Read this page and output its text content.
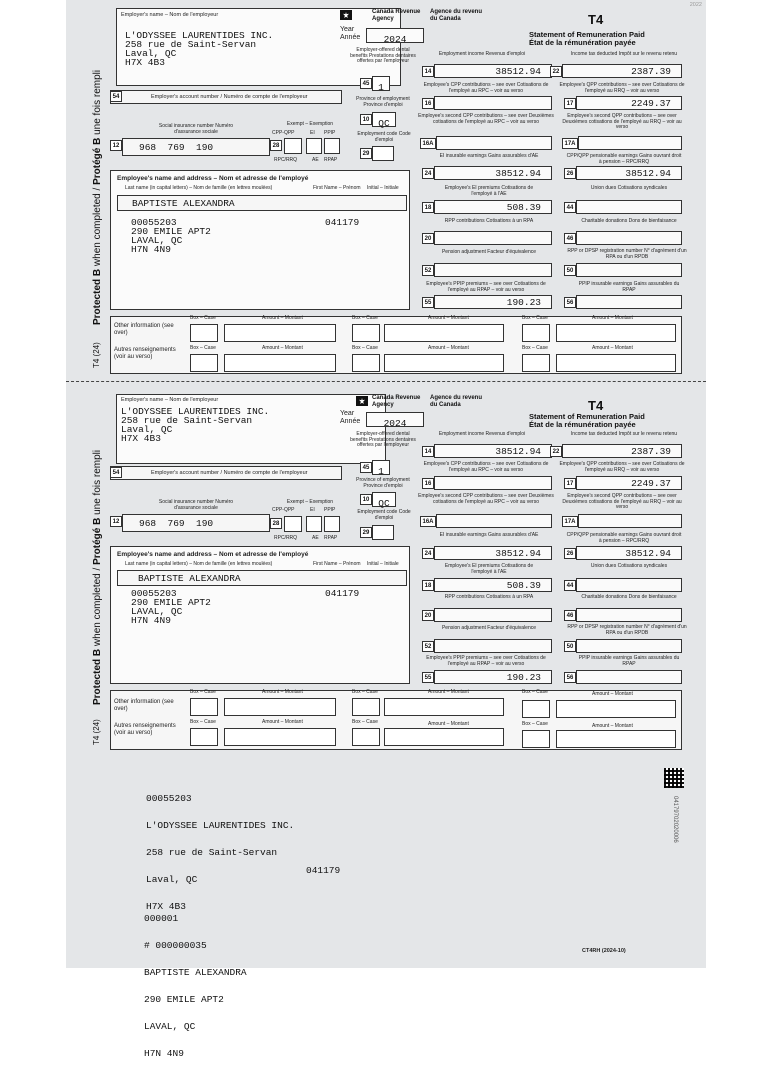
2022
Protected B when completed / Protégé B une fois rempli
T4 (24)
Protected B when completed / Protégé B une fois rempli
T4 (24)
Employer's name – Nom de l'employeur
L'ODYSSEE LAURENTIDES INC.
258 rue de Saint-Servan
Laval, QC
H7X 4B3
Canada Revenue Agency
Agence du revenu du Canada	T4
Statement of Remuneration Paid
État de la rémunération payée
Year
Année	2024
Employer-offered dental benefits Prestations dentaires offertes par l'employeur
45 1
Province of employment Province d'emploi
10 QC
Employment code Code d'emploi
29
Employer's account number / Numéro de compte de l'employeur
54
Social insurance number Numéro d'assurance sociale
12 968  769  190
Exempt – Exemption
CPP-QPP	EI PPIP
28
RPC/RRQ	AE RPAP
Employee's name and address – Nom et adresse de l'employé
Last name (in capital letters) – Nom de famille (en lettres moulées)	First Name – Prénom Initial – Initiale
BAPTISTE ALEXANDRA
00055203
290 EMILE APT2
LAVAL, QC
H7N 4N9
041179
Employment income Revenus d'emploi
14	38512.94
Employee's CPP contributions – see over Cotisations de l'employé au RPC – voir au verso
16
Employee's second CPP contributions – see over Deuxièmes cotisations de l'employé au RPC – voir au verso
16A
EI insurable earnings Gains assurables d'AE
24	38512.94
Employee's EI premiums Cotisations de l'employé à l'AE
18	508.39
RPP contributions Cotisations à un RPA
20
Pension adjustment Facteur d'équivalence
52
Employee's PPIP premiums – see over Cotisations de l'employé au RPAP – voir au verso
55	190.23
Income tax deducted Impôt sur le revenu retenu
22	2387.39
Employee's QPP contributions – see over Cotisations de l'employé au RRQ – voir au verso
17	2249.37
Employee's second QPP contributions – see over Deuxièmes cotisations de l'employé au RRQ – voir au verso
17A
CPP/QPP pensionable earnings Gains ouvrant droit à pension – RPC/RRQ
26	38512.94
Union dues Cotisations syndicales
44
Charitable donations Dons de bienfaisance
46
RPP or DPSP registration number N° d'agrément d'un RPA ou d'un RPDB
50
PPIP insurable earnings Gains assurables du RPAP
56
Other information (see over)
Autres renseignements (voir au verso)
Box – Case	Amount – Montant	Box – Case	Amount – Montant	Box – Case	Amount – Montant
Box – Case	Amount – Montant	Box – Case	Amount – Montant	Box – Case	Amount – Montant
Employer's name – Nom de l'employeur
L'ODYSSEE LAURENTIDES INC.
258 rue de Saint-Servan
Laval, QC
H7X 4B3
Canada Revenue Agency
Agence du revenu du Canada	T4
Statement of Remuneration Paid
État de la rémunération payée
Year
Année	2024
Employer-offered dental benefits Prestations dentaires offertes par l'employeur
45 1
Province of employment Province d'emploi
10 QC
Employment code Code d'emploi
29
Employer's account number / Numéro de compte de l'employeur
54
Social insurance number Numéro d'assurance sociale
12 968  769  190
Exempt – Exemption
CPP-QPP	EI PPIP
28
RPC/RRQ	AE RPAP
Employee's name and address – Nom et adresse de l'employé
Last name (in capital letters) – Nom de famille (en lettres moulées)	First Name – Prénom Initial – Initiale
BAPTISTE ALEXANDRA
00055203
290 EMILE APT2
LAVAL, QC
H7N 4N9
041179
Employment income Revenus d'emploi
14	38512.94
Employee's CPP contributions – see over Cotisations de l'employé au RPC – voir au verso
16
Employee's second CPP contributions – see over Deuxièmes cotisations de l'employé au RPC – voir au verso
16A
EI insurable earnings Gains assurables d'AE
24	38512.94
Employee's EI premiums Cotisations de l'employé à l'AE
18	508.39
RPP contributions Cotisations à un RPA
20
Pension adjustment Facteur d'équivalence
52
Employee's PPIP premiums – see over Cotisations de l'employé au RPAP – voir au verso
55	190.23
Income tax deducted Impôt sur le revenu retenu
22	2387.39
Employee's QPP contributions – see over Cotisations de l'employé au RRQ – voir au verso
17	2249.37
Employee's second QPP contributions – see over Deuxièmes cotisations de l'employé au RRQ – voir au verso
17A
CPP/QPP pensionable earnings Gains ouvrant droit à pension – RPC/RRQ
26	38512.94
Union dues Cotisations syndicales
44
Charitable donations Dons de bienfaisance
46
RPP or DPSP registration number N° d'agrément d'un RPA ou d'un RPDB
50
PPIP insurable earnings Gains assurables du RPAP
56
Other information (see over)
Autres renseignements (voir au verso)
Box – Case	Amount – Montant	Box – Case	Amount – Montant	Box – Case	Amount – Montant
Box – Case	Amount – Montant	Box – Case	Amount – Montant	Box – Case	Amount – Montant

00055203

L'ODYSSEE LAURENTIDES INC.

258 rue de Saint-Servan

Laval, QC

H7X 4B3

04179702020006
041179

000001

# 000000035

BAPTISTE ALEXANDRA

290 EMILE APT2

LAVAL, QC

H7N 4N9

CT4RH (2024-10)
